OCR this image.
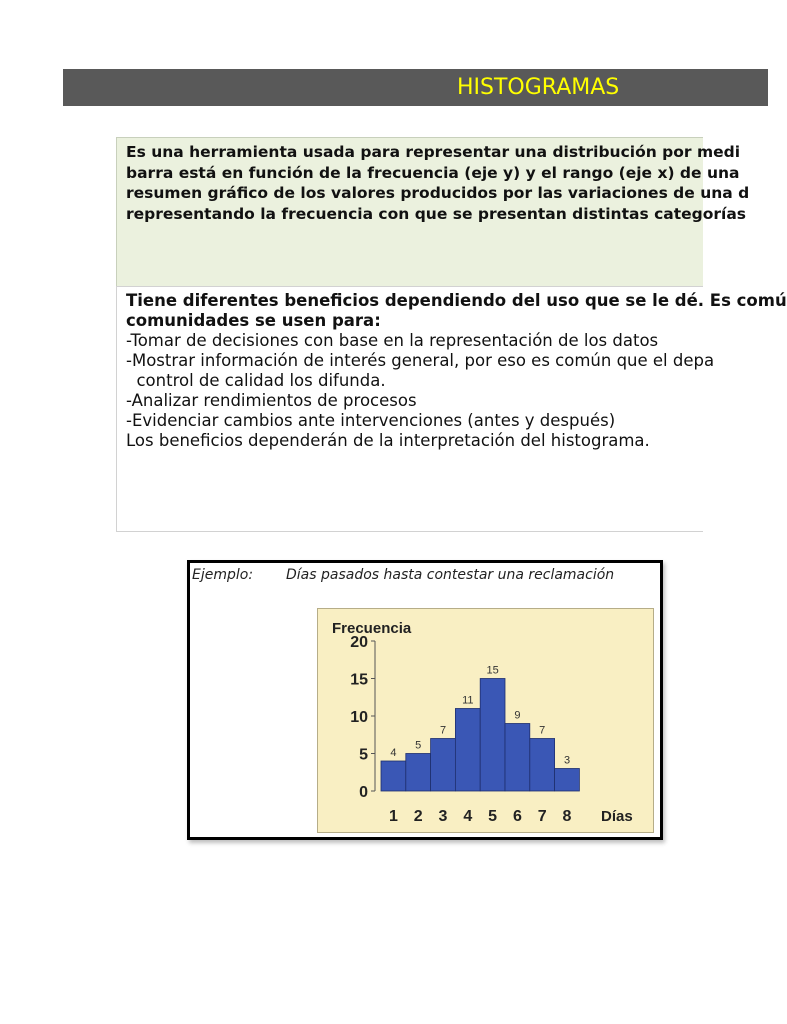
HISTOGRAMAS

Es una herramienta usada para representar una distribución por medi

barra está en función de la frecuencia (eje y) y el rango (eje x) de una

resumen gráfico de los valores producidos por las variaciones de una d

representando la frecuencia con que se presentan distintas categorías

Tiene diferentes beneficios dependiendo del uso que se le dé. Es comú
comunidades se usen para:
-Tomar de decisiones con base en la representación de los datos
-Mostrar información de interés general, por eso es común que el depa
control de calidad los difunda.
-Analizar rendimientos de procesos
-Evidenciar cambios ante intervenciones (antes y después)
Los beneficios dependerán de la interpretación del histograma.
Ejemplo: Días pasados hasta contestar una reclamación
Frecuencia
Días
0
5
10
15
20
4
1
5
2
7
3
11
4
15
5
9
6
7
7
3
8
